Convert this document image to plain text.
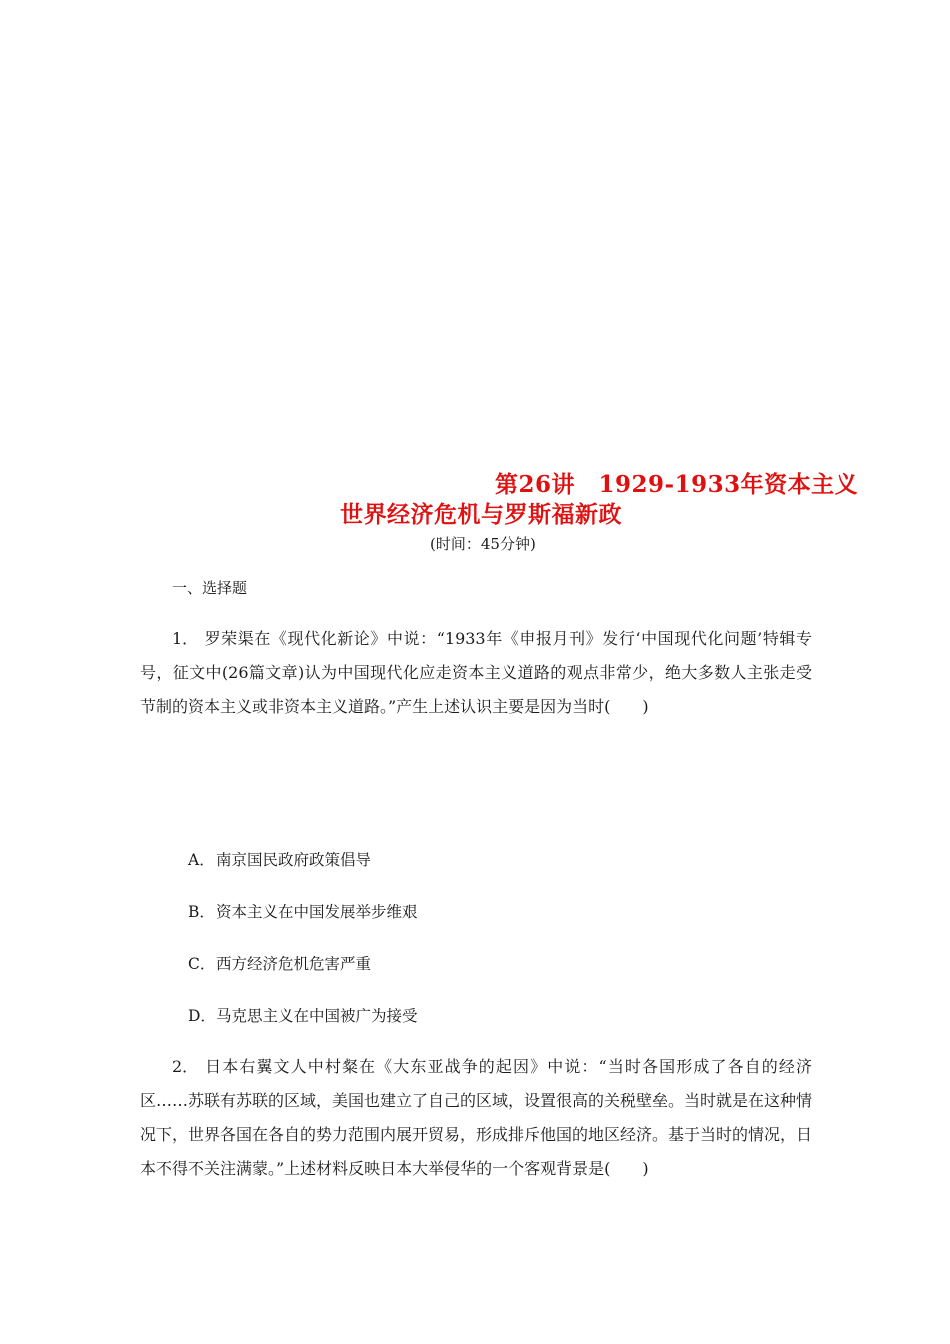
第26讲　1929-1933年资本主义
世界经济危机与罗斯福新政
(时间：45分钟)
一、选择题

1． 罗荣渠在《现代化新论》中说：“1933年《申报月刊》发行‘中国现代化问题’特辑专号，征文中(26篇文章)认为中国现代化应走资本主义道路的观点非常少，绝大多数人主张走受节制的资本主义或非资本主义道路。”产生上述认识主要是因为当时(　　)

A．南京国民政府政策倡导
B．资本主义在中国发展举步维艰
C．西方经济危机危害严重
D．马克思主义在中国被广为接受

2． 日本右翼文人中村粲在《大东亚战争的起因》中说：“当时各国形成了各自的经济区……苏联有苏联的区域，美国也建立了自己的区域，设置很高的关税壁垒。当时就是在这种情况下，世界各国在各自的势力范围内展开贸易，形成排斥他国的地区经济。基于当时的情况，日本不得不关注满蒙。”上述材料反映日本大举侵华的一个客观背景是(　　)
